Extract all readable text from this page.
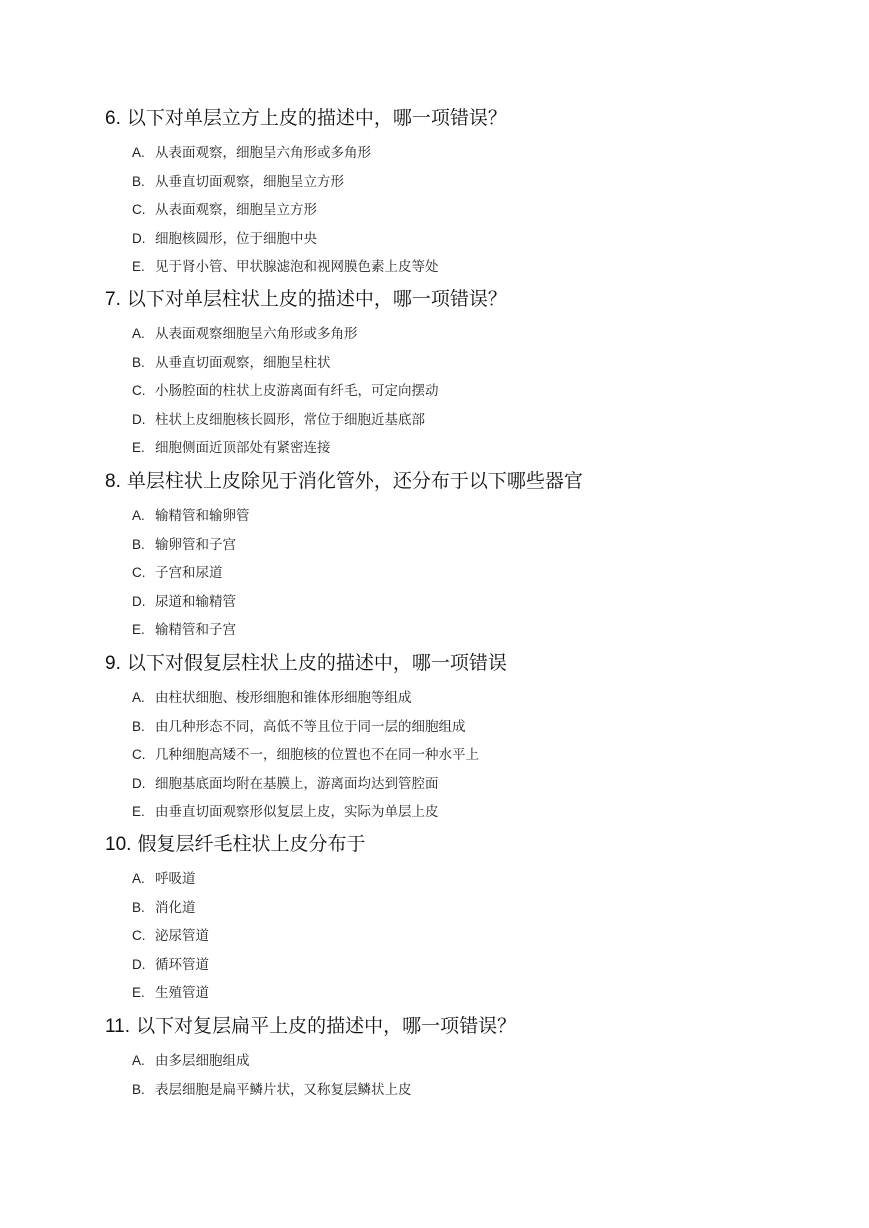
6. 以下对单层立方上皮的描述中，哪一项错误？
A. 从表面观察，细胞呈六角形或多角形
B. 从垂直切面观察，细胞呈立方形
C. 从表面观察，细胞呈立方形
D. 细胞核圆形，位于细胞中央
E. 见于肾小管、甲状腺滤泡和视网膜色素上皮等处
7. 以下对单层柱状上皮的描述中，哪一项错误？
A. 从表面观察细胞呈六角形或多角形
B. 从垂直切面观察，细胞呈柱状
C. 小肠腔面的柱状上皮游离面有纤毛，可定向摆动
D. 柱状上皮细胞核长圆形，常位于细胞近基底部
E. 细胞侧面近顶部处有紧密连接
8. 单层柱状上皮除见于消化管外，还分布于以下哪些器官
A. 输精管和输卵管
B. 输卵管和子宫
C. 子宫和尿道
D. 尿道和输精管
E. 输精管和子宫
9. 以下对假复层柱状上皮的描述中，哪一项错误
A. 由柱状细胞、梭形细胞和锥体形细胞等组成
B. 由几种形态不同，高低不等且位于同一层的细胞组成
C. 几种细胞高矮不一，细胞核的位置也不在同一种水平上
D. 细胞基底面均附在基膜上，游离面均达到管腔面
E. 由垂直切面观察形似复层上皮，实际为单层上皮
10. 假复层纤毛柱状上皮分布于
A. 呼吸道
B. 消化道
C. 泌尿管道
D. 循环管道
E. 生殖管道
11. 以下对复层扁平上皮的描述中，哪一项错误？
A. 由多层细胞组成
B. 表层细胞是扁平鳞片状，又称复层鳞状上皮
